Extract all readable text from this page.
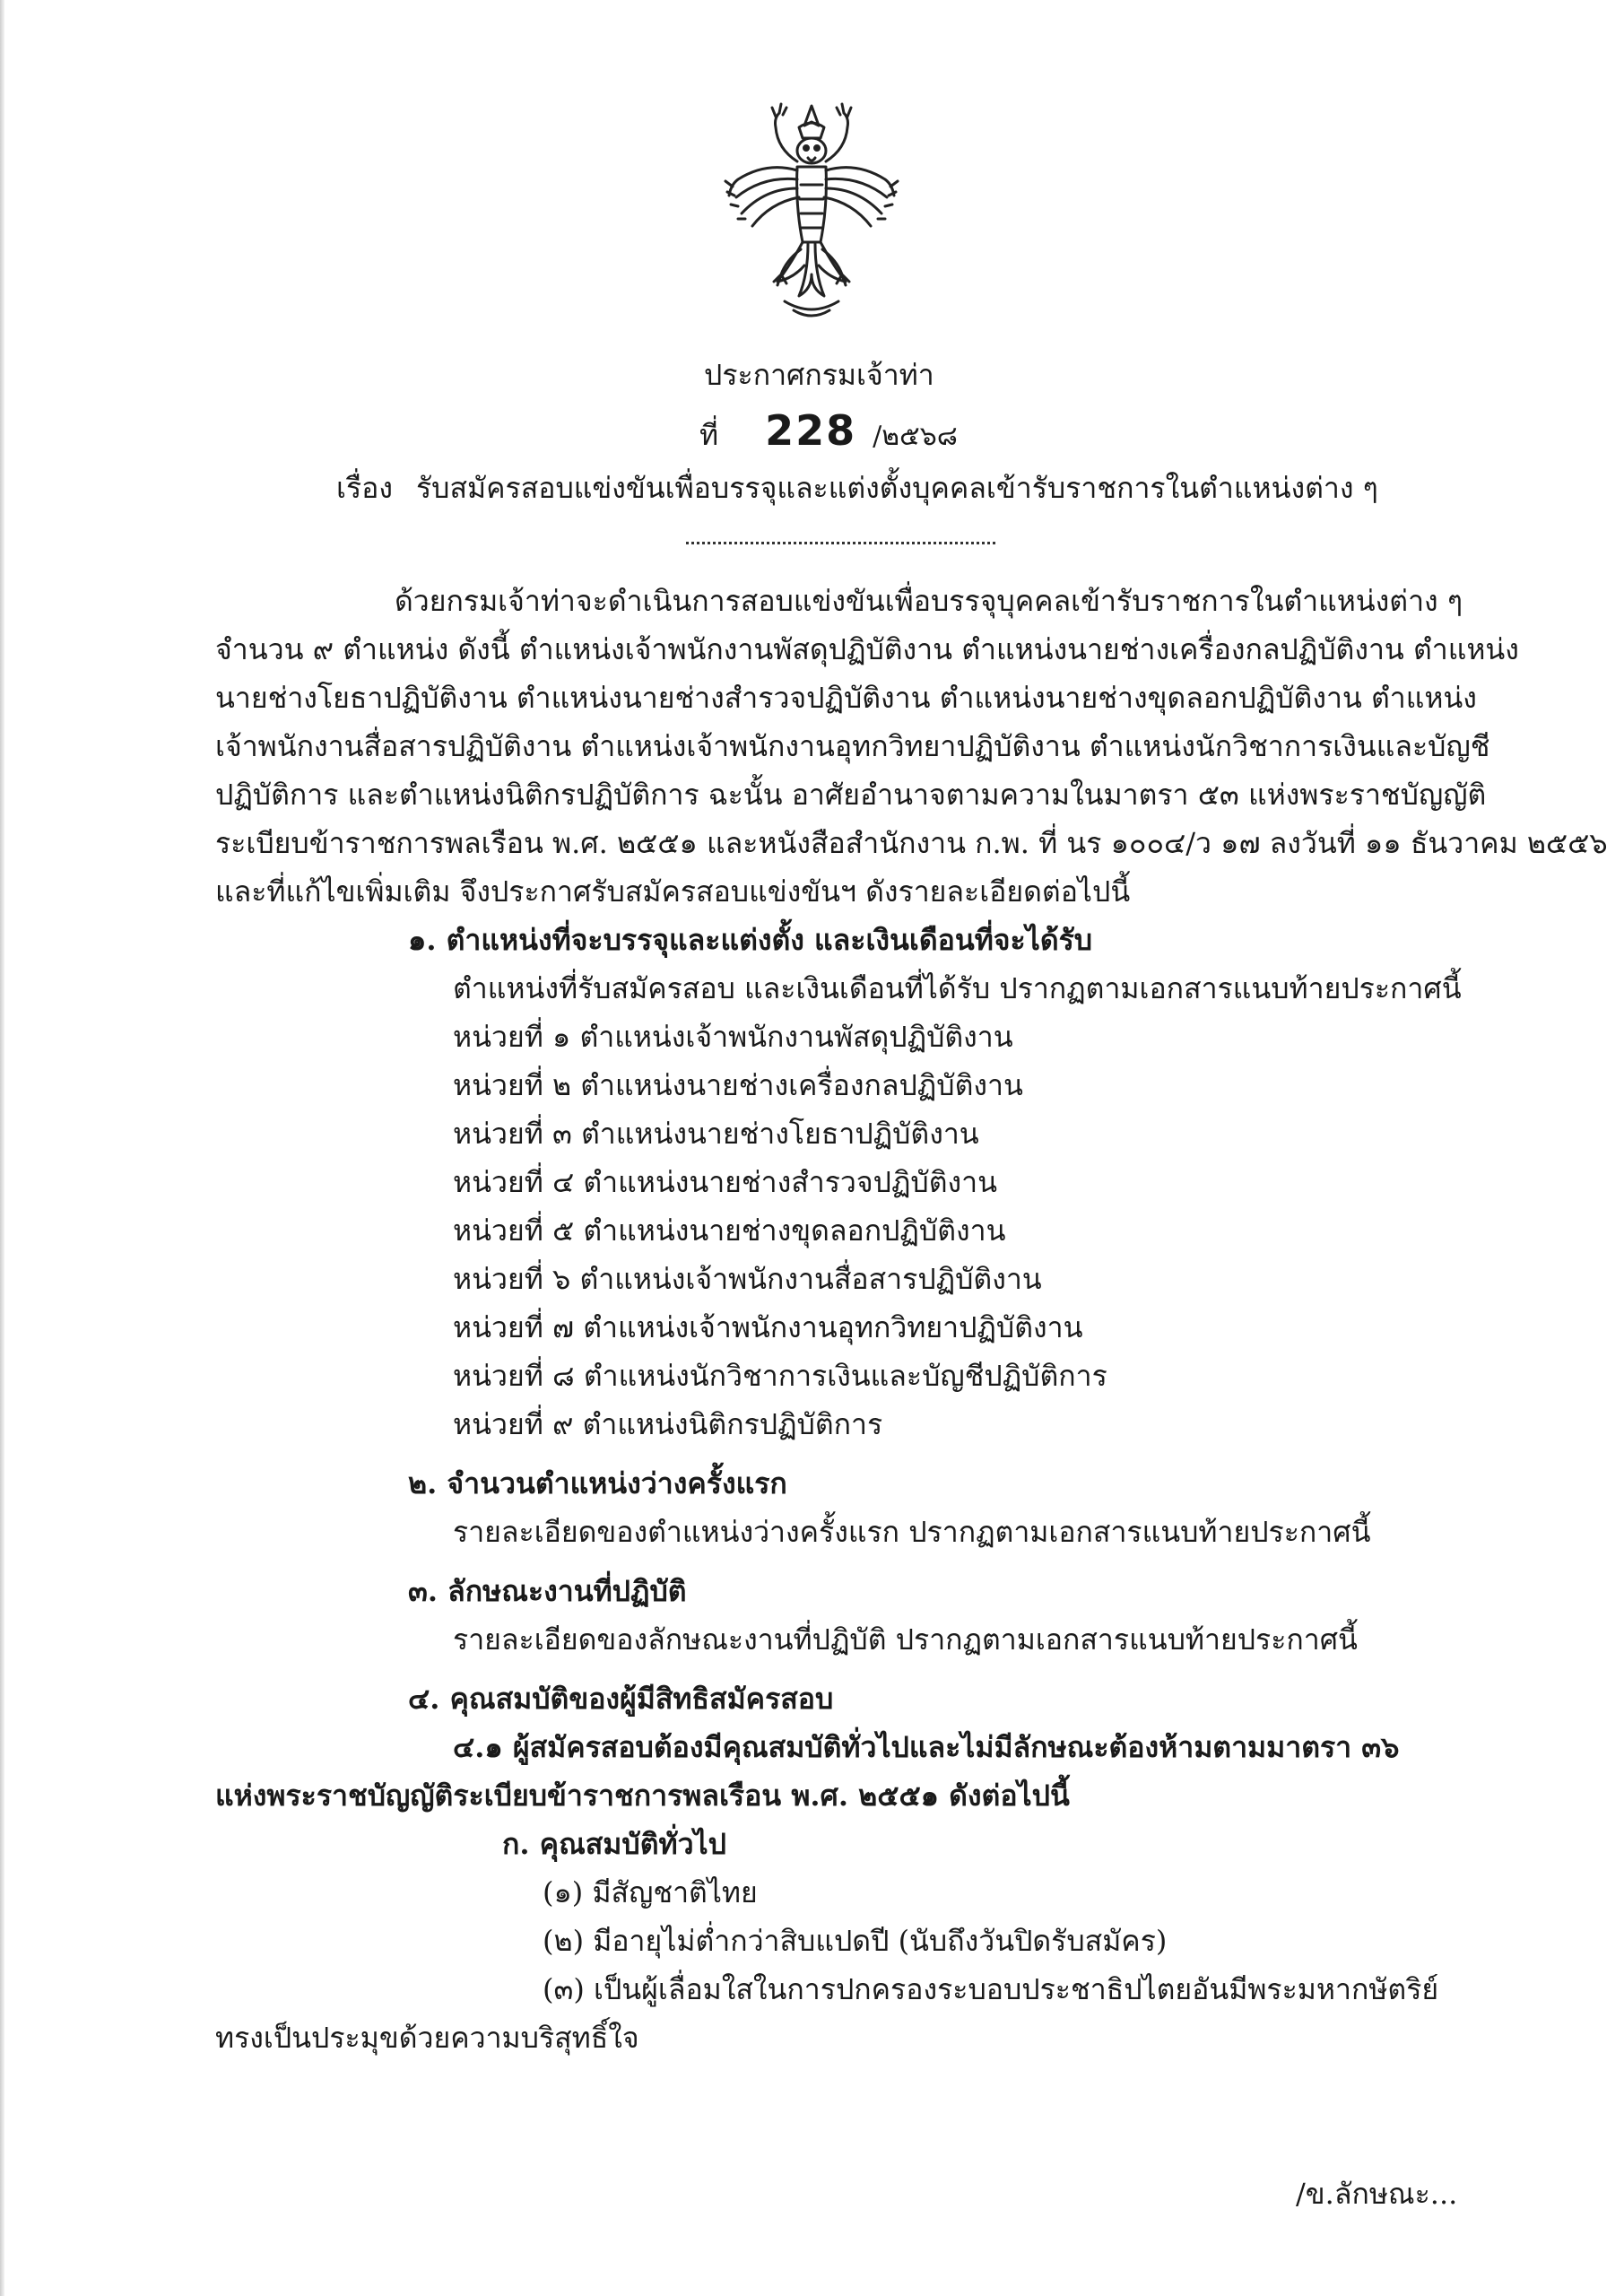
ประกาศกรมเจ้าท่า
ที่ 228 /๒๕๖๘
เรื่อง รับสมัครสอบแข่งขันเพื่อบรรจุและแต่งตั้งบุคคลเข้ารับราชการในตำแหน่งต่าง ๆ
ด้วยกรมเจ้าท่าจะดำเนินการสอบแข่งขันเพื่อบรรจุบุคคลเข้ารับราชการในตำแหน่งต่าง ๆ
จำนวน ๙ ตำแหน่ง ดังนี้ ตำแหน่งเจ้าพนักงานพัสดุปฏิบัติงาน ตำแหน่งนายช่างเครื่องกลปฏิบัติงาน ตำแหน่ง
นายช่างโยธาปฏิบัติงาน ตำแหน่งนายช่างสำรวจปฏิบัติงาน ตำแหน่งนายช่างขุดลอกปฏิบัติงาน ตำแหน่ง
เจ้าพนักงานสื่อสารปฏิบัติงาน ตำแหน่งเจ้าพนักงานอุทกวิทยาปฏิบัติงาน ตำแหน่งนักวิชาการเงินและบัญชี
ปฏิบัติการ และตำแหน่งนิติกรปฏิบัติการ ฉะนั้น อาศัยอำนาจตามความในมาตรา ๕๓ แห่งพระราชบัญญัติ
ระเบียบข้าราชการพลเรือน พ.ศ. ๒๕๕๑ และหนังสือสำนักงาน ก.พ. ที่ นร ๑๐๐๔/ว ๑๗ ลงวันที่ ๑๑ ธันวาคม ๒๕๕๖
และที่แก้ไขเพิ่มเติม จึงประกาศรับสมัครสอบแข่งขันฯ ดังรายละเอียดต่อไปนี้
๑. ตำแหน่งที่จะบรรจุและแต่งตั้ง และเงินเดือนที่จะได้รับ
ตำแหน่งที่รับสมัครสอบ และเงินเดือนที่ได้รับ ปรากฏตามเอกสารแนบท้ายประกาศนี้
หน่วยที่ ๑ ตำแหน่งเจ้าพนักงานพัสดุปฏิบัติงาน
หน่วยที่ ๒ ตำแหน่งนายช่างเครื่องกลปฏิบัติงาน
หน่วยที่ ๓ ตำแหน่งนายช่างโยธาปฏิบัติงาน
หน่วยที่ ๔ ตำแหน่งนายช่างสำรวจปฏิบัติงาน
หน่วยที่ ๕ ตำแหน่งนายช่างขุดลอกปฏิบัติงาน
หน่วยที่ ๖ ตำแหน่งเจ้าพนักงานสื่อสารปฏิบัติงาน
หน่วยที่ ๗ ตำแหน่งเจ้าพนักงานอุทกวิทยาปฏิบัติงาน
หน่วยที่ ๘ ตำแหน่งนักวิชาการเงินและบัญชีปฏิบัติการ
หน่วยที่ ๙ ตำแหน่งนิติกรปฏิบัติการ
๒. จำนวนตำแหน่งว่างครั้งแรก
รายละเอียดของตำแหน่งว่างครั้งแรก ปรากฏตามเอกสารแนบท้ายประกาศนี้
๓. ลักษณะงานที่ปฏิบัติ
รายละเอียดของลักษณะงานที่ปฏิบัติ ปรากฏตามเอกสารแนบท้ายประกาศนี้
๔. คุณสมบัติของผู้มีสิทธิสมัครสอบ
๔.๑ ผู้สมัครสอบต้องมีคุณสมบัติทั่วไปและไม่มีลักษณะต้องห้ามตามมาตรา ๓๖
แห่งพระราชบัญญัติระเบียบข้าราชการพลเรือน พ.ศ. ๒๕๕๑ ดังต่อไปนี้
ก. คุณสมบัติทั่วไป
(๑) มีสัญชาติไทย
(๒) มีอายุไม่ต่ำกว่าสิบแปดปี (นับถึงวันปิดรับสมัคร)
(๓) เป็นผู้เลื่อมใสในการปกครองระบอบประชาธิปไตยอันมีพระมหากษัตริย์
ทรงเป็นประมุขด้วยความบริสุทธิ์ใจ
/ข.ลักษณะ...
